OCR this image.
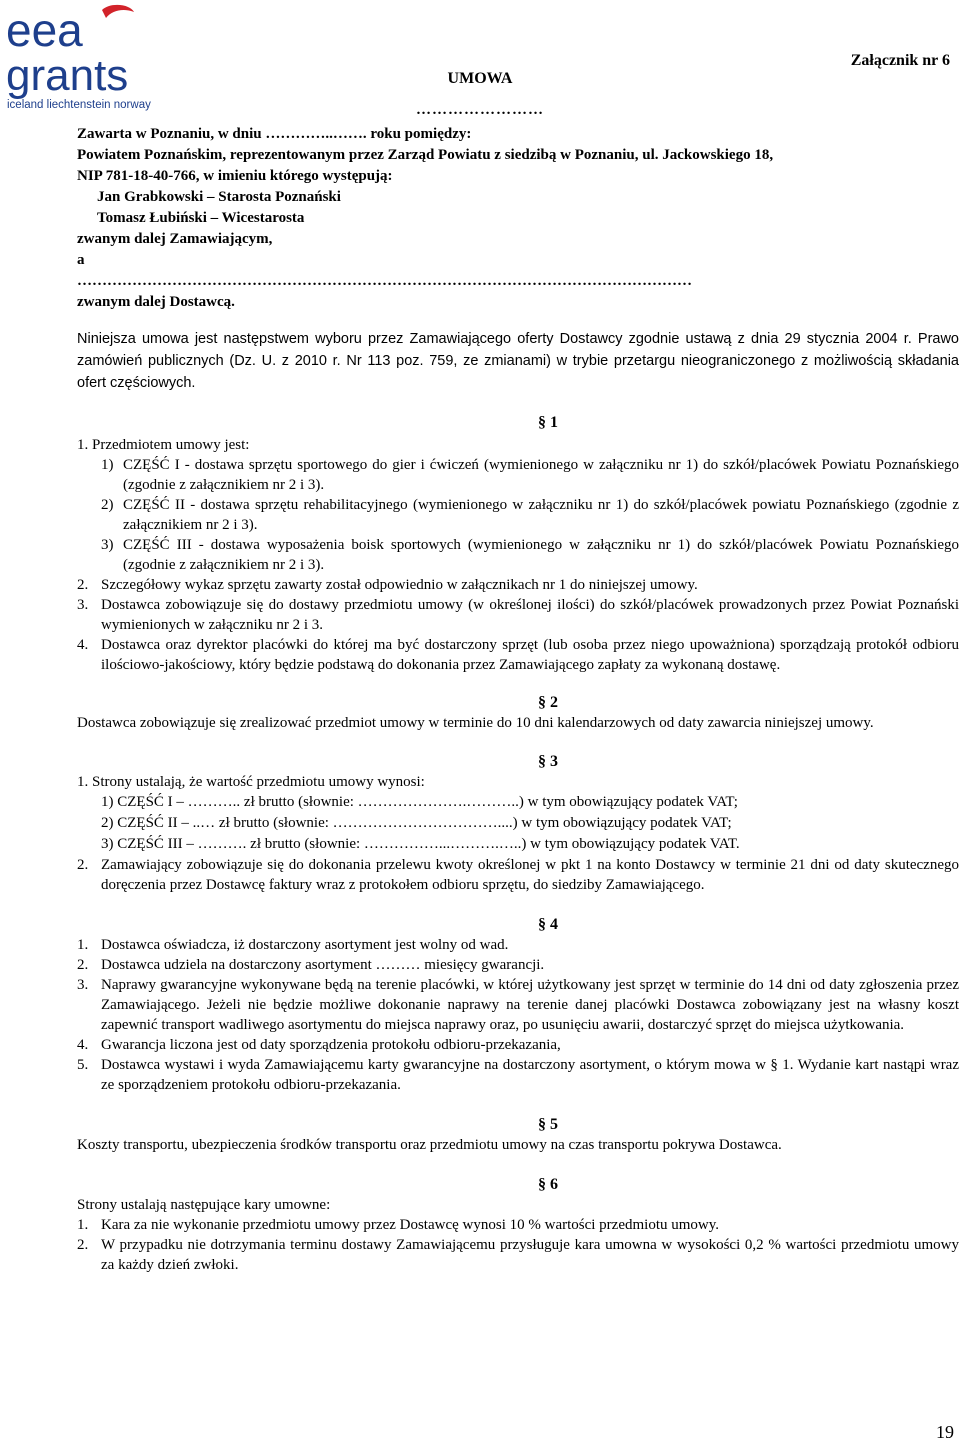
eea
grants
iceland liechtenstein norway
Załącznik nr 6
UMOWA
……………………

Zawarta w Poznaniu, w dniu …………..……. roku pomiędzy:

Powiatem Poznańskim, reprezentowanym przez Zarząd Powiatu z siedzibą w Poznaniu, ul. Jackowskiego 18,

NIP 781-18-40-766, w imieniu którego występują:

Jan Grabkowski – Starosta Poznański

Tomasz Łubiński – Wicestarosta

zwanym dalej Zamawiającym,

a

……………………………………………………………………………………………………………

zwanym dalej Dostawcą.

Niniejsza umowa jest następstwem wyboru przez Zamawiającego oferty Dostawcy zgodnie ustawą z dnia 29 stycznia 2004 r. Prawo zamówień publicznych (Dz. U. z 2010 r. Nr 113 poz. 759, ze zmianami) w trybie przetargu nieograniczonego z możliwością składania ofert częściowych.

§ 1

1. Przedmiotem umowy jest:

1) CZĘŚĆ I - dostawa sprzętu sportowego do gier i ćwiczeń (wymienionego w załączniku nr 1) do szkół/placówek Powiatu Poznańskiego (zgodnie z załącznikiem nr 2 i 3).
2) CZĘŚĆ II - dostawa sprzętu rehabilitacyjnego (wymienionego w załączniku nr 1) do szkół/placówek powiatu Poznańskiego (zgodnie z załącznikiem nr 2 i 3).
3) CZĘŚĆ III - dostawa wyposażenia boisk sportowych (wymienionego w załączniku nr 1) do szkół/placówek Powiatu Poznańskiego (zgodnie z załącznikiem nr 2 i 3).
2. Szczegółowy wykaz sprzętu zawarty został odpowiednio w załącznikach nr 1 do niniejszej umowy.
3. Dostawca zobowiązuje się do dostawy przedmiotu umowy (w określonej ilości) do szkół/placówek prowadzonych przez Powiat Poznański wymienionych w załączniku nr 2 i 3.
4. Dostawca oraz dyrektor placówki do której ma być dostarczony sprzęt (lub osoba przez niego upoważniona) sporządzają protokół odbioru ilościowo-jakościowy, który będzie podstawą do dokonania przez Zamawiającego zapłaty za wykonaną dostawę.
§ 2

Dostawca zobowiązuje się zrealizować przedmiot umowy w terminie do 10 dni kalendarzowych od daty zawarcia niniejszej umowy.

§ 3

1. Strony ustalają, że wartość przedmiotu umowy wynosi:

1) CZĘŚĆ I – ……….. zł brutto (słownie: ………………….………..) w tym obowiązujący podatek VAT;
2) CZĘŚĆ II – ..… zł brutto (słownie: ……………………………....) w tym obowiązujący podatek VAT;
3) CZĘŚĆ III – ………. zł brutto (słownie: ……………...……….…..) w tym obowiązujący podatek VAT.
2. Zamawiający zobowiązuje się do dokonania przelewu kwoty określonej w pkt 1 na konto Dostawcy w terminie 21 dni od daty skutecznego doręczenia przez Dostawcę faktury wraz z protokołem odbioru sprzętu, do siedziby Zamawiającego.
§ 4
1. Dostawca oświadcza, iż dostarczony asortyment jest wolny od wad.
2. Dostawca udziela na dostarczony asortyment ……… miesięcy gwarancji.
3. Naprawy gwarancyjne wykonywane będą na terenie placówki, w której użytkowany jest sprzęt w terminie do 14 dni od daty zgłoszenia przez Zamawiającego. Jeżeli nie będzie możliwe dokonanie naprawy na terenie danej placówki Dostawca zobowiązany jest na własny koszt zapewnić transport wadliwego asortymentu do miejsca naprawy oraz, po usunięciu awarii, dostarczyć sprzęt do miejsca użytkowania.
4. Gwarancja liczona jest od daty sporządzenia protokołu odbioru-przekazania,
5. Dostawca wystawi i wyda Zamawiającemu karty gwarancyjne na dostarczony asortyment, o którym mowa w § 1. Wydanie kart nastąpi wraz ze sporządzeniem protokołu odbioru-przekazania.
§ 5

Koszty transportu, ubezpieczenia środków transportu oraz przedmiotu umowy na czas transportu pokrywa Dostawca.

§ 6

Strony ustalają następujące kary umowne:

1. Kara za nie wykonanie przedmiotu umowy przez Dostawcę wynosi 10 % wartości przedmiotu umowy.
2. W przypadku nie dotrzymania terminu dostawy Zamawiającemu przysługuje kara umowna w wysokości 0,2 % wartości przedmiotu umowy za każdy dzień zwłoki.
19
